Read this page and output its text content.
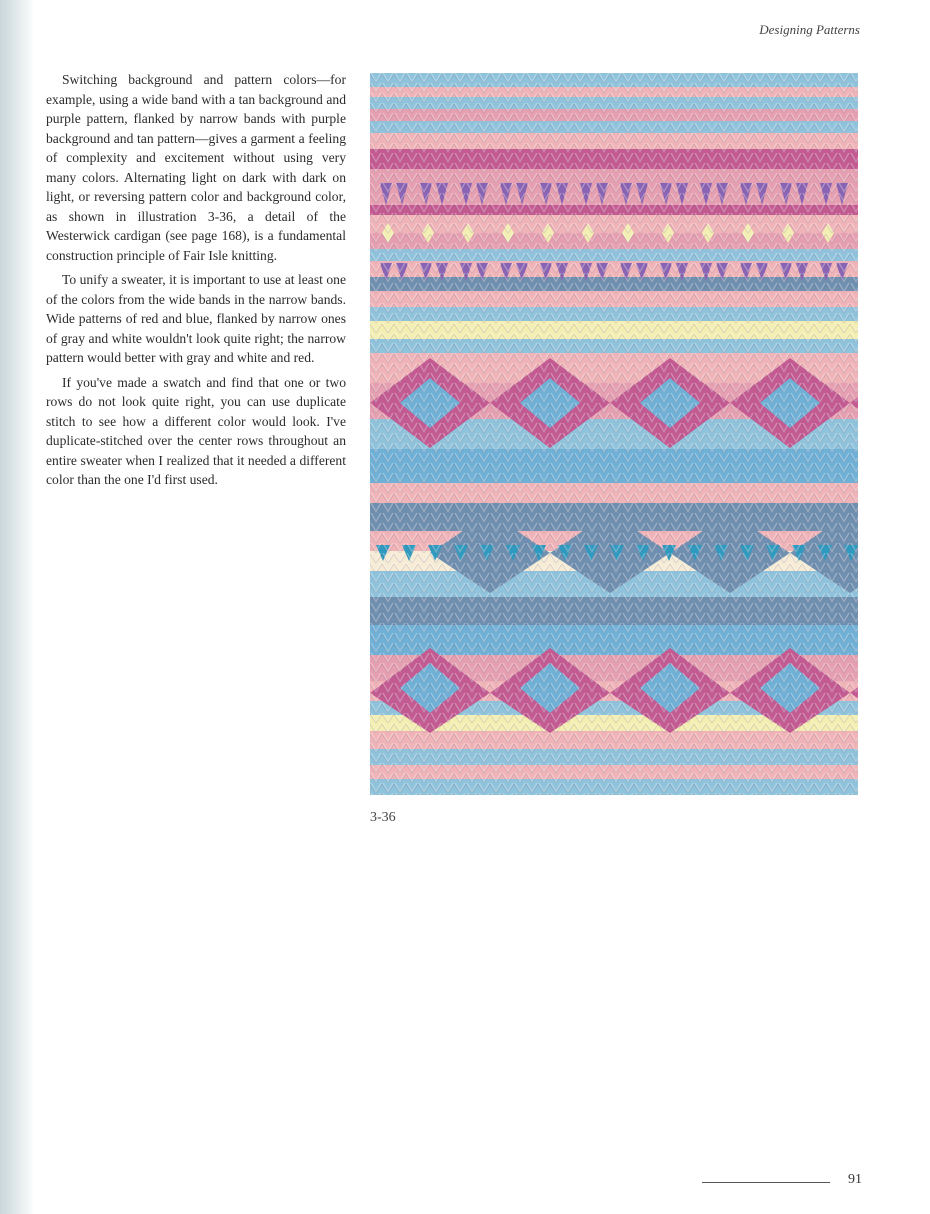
Designing Patterns

Switching background and pattern colors—for example, using a wide band with a tan background and purple pattern, flanked by narrow bands with purple background and tan pattern—gives a garment a feeling of complexity and excitement without using very many colors. Alternating light on dark with dark on light, or reversing pattern color and background color, as shown in illustration 3-36, a detail of the Westerwick cardigan (see page 168), is a fundamental construction principle of Fair Isle knitting.

To unify a sweater, it is important to use at least one of the colors from the wide bands in the narrow bands. Wide patterns of red and blue, flanked by narrow ones of gray and white wouldn't look quite right; the narrow pattern would better with gray and white and red.

If you've made a swatch and find that one or two rows do not look quite right, you can use duplicate stitch to see how a different color would look. I've duplicate-stitched over the center rows throughout an entire sweater when I realized that it needed a different color than the one I'd first used.

3-36
91
